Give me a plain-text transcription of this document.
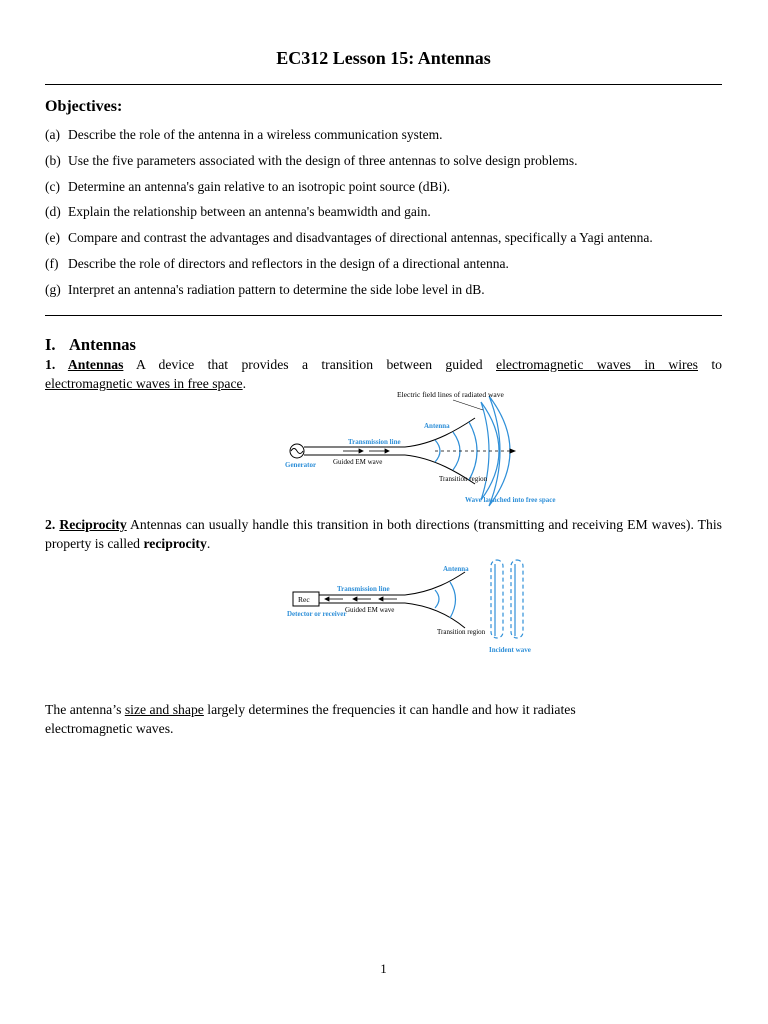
EC312 Lesson 15: Antennas
Objectives:
(a) Describe the role of the antenna in a wireless communication system.
(b) Use the five parameters associated with the design of three antennas to solve design problems.
(c) Determine an antenna's gain relative to an isotropic point source (dBi).
(d) Explain the relationship between an antenna's beamwidth and gain.
(e) Compare and contrast the advantages and disadvantages of directional antennas, specifically a Yagi antenna.
(f) Describe the role of directors and reflectors in the design of a directional antenna.
(g) Interpret an antenna's radiation pattern to determine the side lobe level in dB.
I. Antennas
1. Antennas A device that provides a transition between guided electromagnetic waves in wires to
electromagnetic waves in free space.
Electric field lines of radiated wave
Antenna
Transmission line
Guided EM wave
Generator
Transition region
Wave launched into free space
2. Reciprocity Antennas can usually handle this transition in both directions (transmitting and receiving EM waves). This property is called reciprocity.
Rec
Antenna
Transmission line
Guided EM wave
Detector or receiver
Transition region
Incident wave
The antenna’s size and shape largely determines the frequencies it can handle and how it radiates electromagnetic waves.
1
